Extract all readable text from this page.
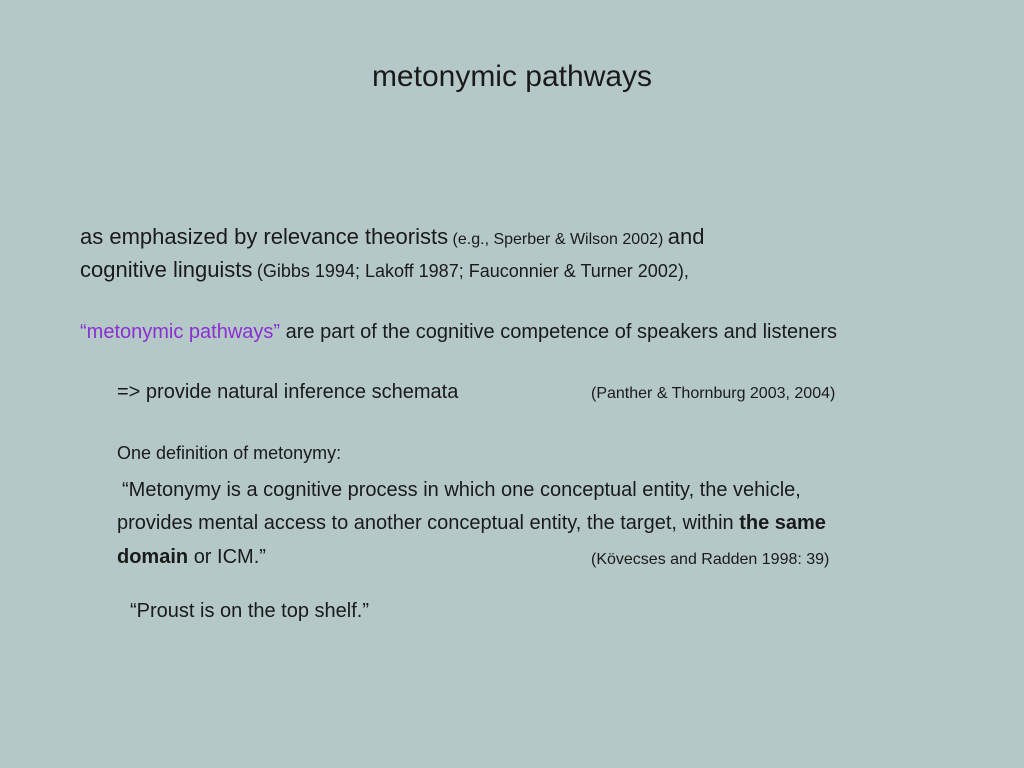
metonymic pathways
as emphasized by relevance theorists (e.g., Sperber & Wilson 2002) and
cognitive linguists (Gibbs 1994; Lakoff 1987; Fauconnier & Turner 2002),
“metonymic pathways” are part of the cognitive competence of speakers and listeners
=> provide natural inference schemata	(Panther & Thornburg 2003, 2004)
One definition of metonymy:
“Metonymy is a cognitive process in which one conceptual entity, the vehicle,
provides mental access to another conceptual entity, the target, within the same
domain or ICM.”	(Kövecses and Radden 1998: 39)
“Proust is on the top shelf.”
